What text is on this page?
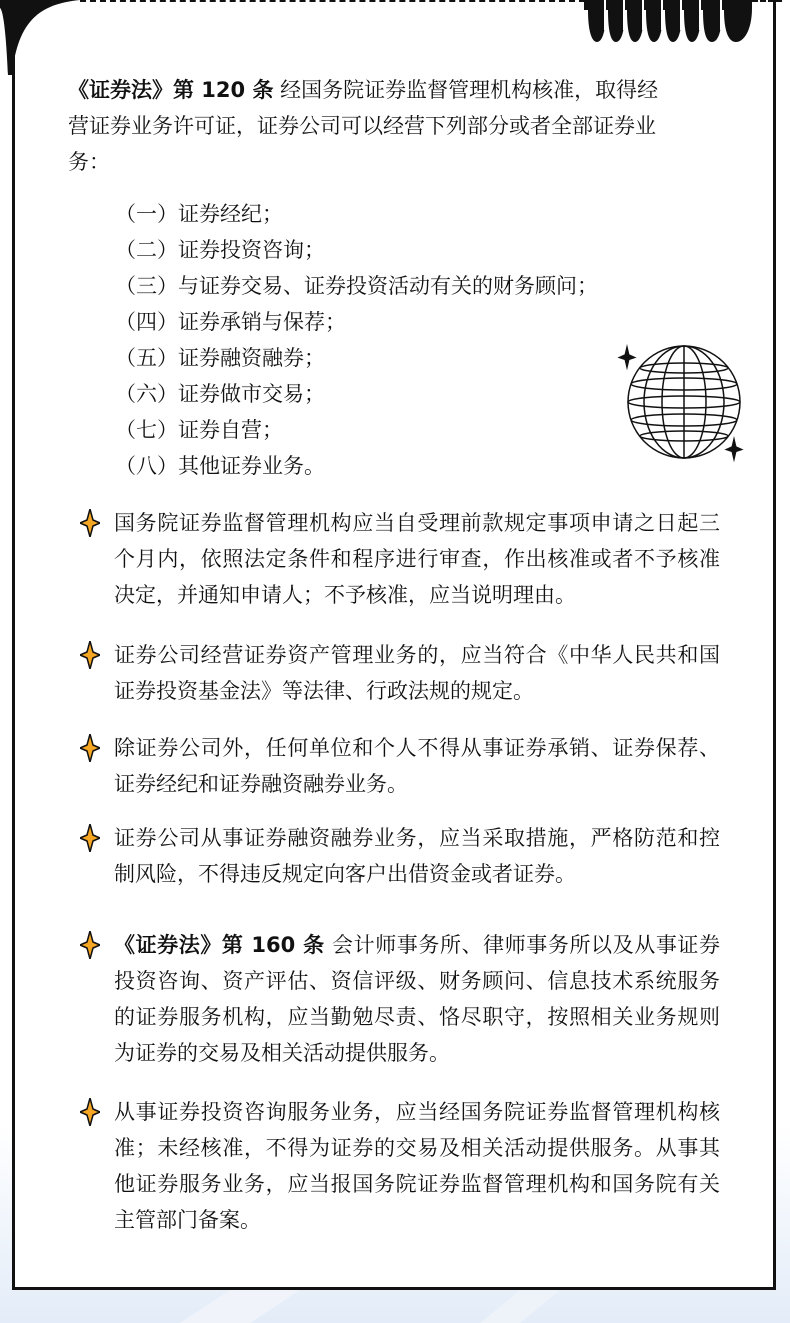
《证券法》第 120 条 经国务院证券监督管理机构核准，取得经营证券业务许可证，证券公司可以经营下列部分或者全部证券业务：
（一）证券经纪；
（二）证券投资咨询；
（三）与证券交易、证券投资活动有关的财务顾问；
（四）证券承销与保荐；
（五）证券融资融券；
（六）证券做市交易；
（七）证券自营；
（八）其他证券业务。
国务院证券监督管理机构应当自受理前款规定事项申请之日起三个月内，依照法定条件和程序进行审查，作出核准或者不予核准决定，并通知申请人；不予核准，应当说明理由。
证券公司经营证券资产管理业务的，应当符合《中华人民共和国证券投资基金法》等法律、行政法规的规定。
除证券公司外，任何单位和个人不得从事证券承销、证券保荐、证券经纪和证券融资融券业务。
证券公司从事证券融资融券业务，应当采取措施，严格防范和控制风险，不得违反规定向客户出借资金或者证券。
《证券法》第 160 条 会计师事务所、律师事务所以及从事证券投资咨询、资产评估、资信评级、财务顾问、信息技术系统服务的证券服务机构，应当勤勉尽责、恪尽职守，按照相关业务规则为证券的交易及相关活动提供服务。
从事证券投资咨询服务业务，应当经国务院证券监督管理机构核准；未经核准，不得为证券的交易及相关活动提供服务。从事其他证券服务业务，应当报国务院证券监督管理机构和国务院有关主管部门备案。
